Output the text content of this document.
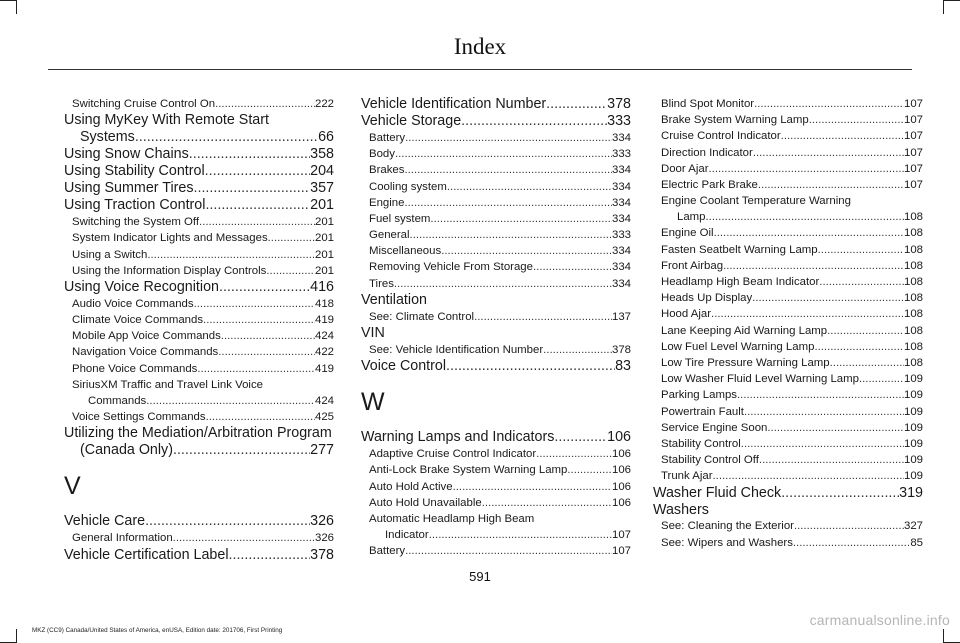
Index
Switching Cruise Control On .....	222
Using MyKey With Remote Start
Systems .....	66
Using Snow Chains .....	358
Using Stability Control .....	204
Using Summer Tires .....	357
Using Traction Control .....	201
Switching the System Off .....	201
System Indicator Lights and Messages .....	201
Using a Switch .....	201
Using the Information Display Controls .....	201
Using Voice Recognition .....	416
Audio Voice Commands .....	418
Climate Voice Commands .....	419
Mobile App Voice Commands .....	424
Navigation Voice Commands .....	422
Phone Voice Commands .....	419
SiriusXM Traffic and Travel Link Voice
Commands .....	424
Voice Settings Commands .....	425
Utilizing the Mediation/Arbitration Program
(Canada Only) .....	277
V
Vehicle Care .....	326
General Information .....	326
Vehicle Certification Label .....	378
Vehicle Identification Number .....	378
Vehicle Storage .....	333
Battery .....	334
Body .....	333
Brakes .....	334
Cooling system .....	334
Engine .....	334
Fuel system .....	334
General .....	333
Miscellaneous .....	334
Removing Vehicle From Storage .....	334
Tires .....	334
Ventilation
See: Climate Control .....	137
VIN
See: Vehicle Identification Number .....	378
Voice Control .....	83
W
Warning Lamps and Indicators .....	106
Adaptive Cruise Control Indicator .....	106
Anti-Lock Brake System Warning Lamp .....	106
Auto Hold Active .....	106
Auto Hold Unavailable .....	106
Automatic Headlamp High Beam
Indicator .....	107
Battery .....	107
Blind Spot Monitor .....	107
Brake System Warning Lamp .....	107
Cruise Control Indicator .....	107
Direction Indicator .....	107
Door Ajar .....	107
Electric Park Brake .....	107
Engine Coolant Temperature Warning
Lamp .....	108
Engine Oil .....	108
Fasten Seatbelt Warning Lamp .....	108
Front Airbag .....	108
Headlamp High Beam Indicator .....	108
Heads Up Display .....	108
Hood Ajar .....	108
Lane Keeping Aid Warning Lamp .....	108
Low Fuel Level Warning Lamp .....	108
Low Tire Pressure Warning Lamp .....	108
Low Washer Fluid Level Warning Lamp .....	109
Parking Lamps .....	109
Powertrain Fault .....	109
Service Engine Soon .....	109
Stability Control .....	109
Stability Control Off .....	109
Trunk Ajar .....	109
Washer Fluid Check .....	319
Washers
See: Cleaning the Exterior .....	327
See: Wipers and Washers .....	85
591
MKZ (CC9) Canada/United States of America, enUSA, Edition date: 201706, First Printing
carmanualsonline.info
